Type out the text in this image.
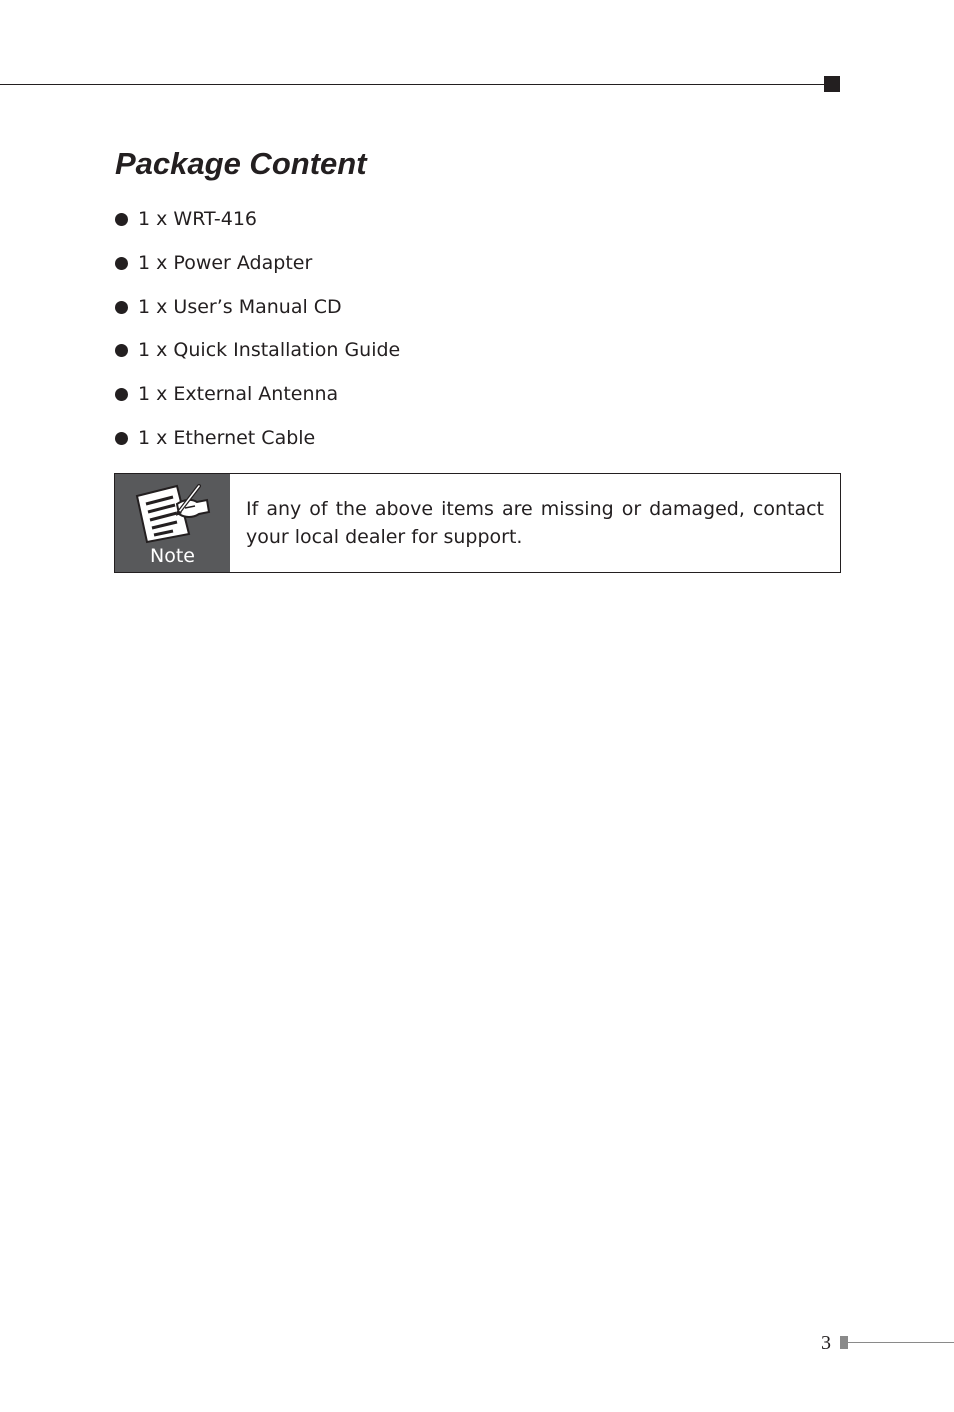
Package Content
1 x WRT-416
1 x Power Adapter
1 x User’s Manual CD
1 x Quick Installation Guide
1 x External Antenna
1 x Ethernet Cable
Note
If any of the above items are missing or damaged, contact your local dealer for support.
3
